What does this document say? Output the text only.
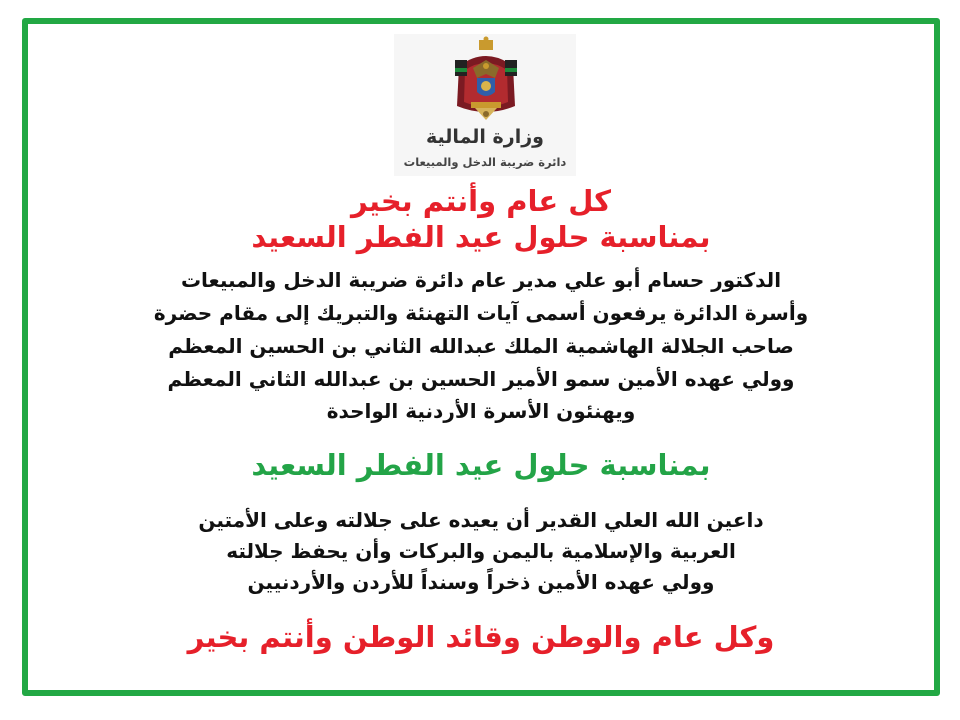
وزارة المالية
دائرة ضريبة الدخل والمبيعات
كل عام وأنتم بخير
بمناسبة حلول عيد الفطر السعيد
الدكتور حسام أبو علي مدير عام دائرة ضريبة الدخل والمبيعات
وأسرة الدائرة يرفعون أسمى آيات التهنئة والتبريك إلى مقام حضرة
صاحب الجلالة الهاشمية الملك عبدالله الثاني بن الحسين المعظم
وولي عهده الأمين سمو الأمير الحسين بن عبدالله الثاني المعظم
ويهنئون الأسرة الأردنية الواحدة
بمناسبة حلول عيد الفطر السعيد
داعين الله العلي القدير أن يعيده على جلالته وعلى الأمتين
العربية والإسلامية باليمن والبركات وأن يحفظ جلالته
وولي عهده الأمين ذخراً وسنداً للأردن والأردنيين
وكل عام والوطن وقائد الوطن وأنتم بخير
